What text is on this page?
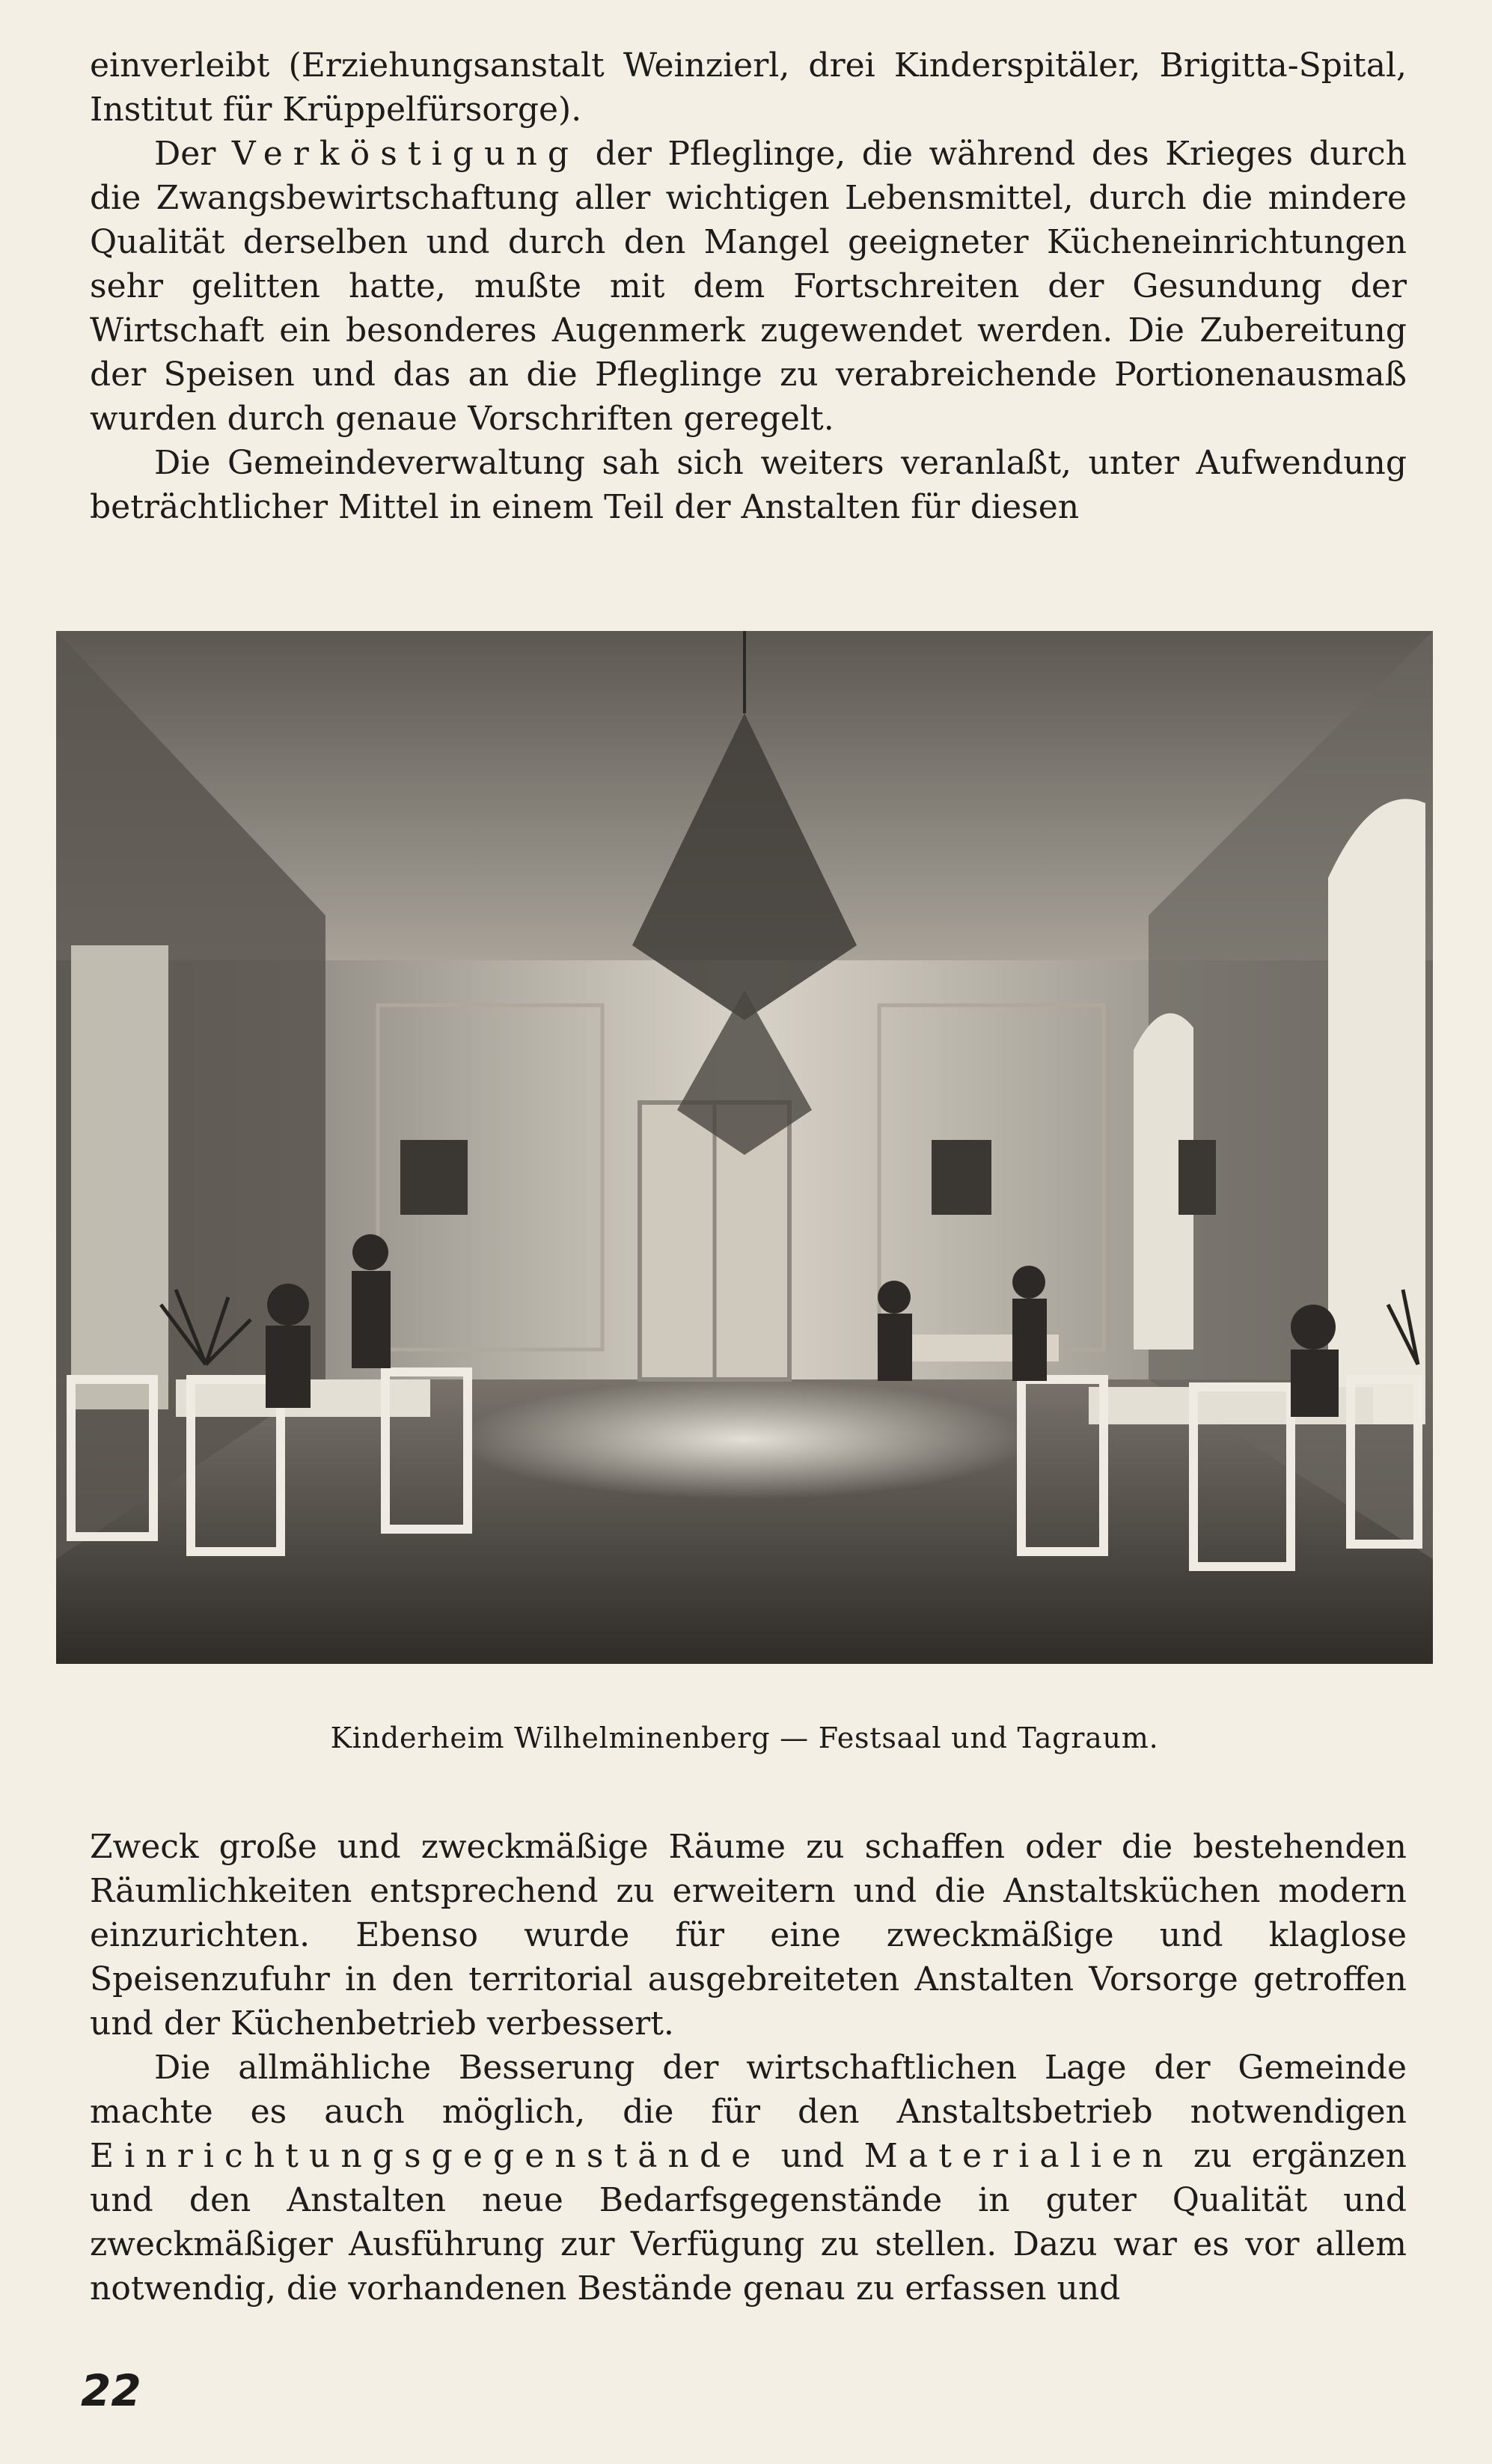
einverleibt (Erziehungsanstalt Weinzierl, drei Kinderspitäler, Brigitta-Spital, Institut für Krüppelfürsorge).

Der Verköstigung der Pfleglinge, die während des Krieges durch die Zwangsbewirtschaftung aller wichtigen Lebensmittel, durch die mindere Qualität derselben und durch den Mangel geeigneter Kücheneinrichtungen sehr gelitten hatte, mußte mit dem Fortschreiten der Gesundung der Wirtschaft ein besonderes Augenmerk zugewendet werden. Die Zubereitung der Speisen und das an die Pfleglinge zu verabreichende Portionenausmaß wurden durch genaue Vorschriften geregelt.

Die Gemeindeverwaltung sah sich weiters veranlaßt, unter Aufwendung beträchtlicher Mittel in einem Teil der Anstalten für diesen

Kinderheim Wilhelminenberg — Festsaal und Tagraum.

Zweck große und zweckmäßige Räume zu schaffen oder die bestehenden Räumlichkeiten entsprechend zu erweitern und die Anstaltsküchen modern einzurichten. Ebenso wurde für eine zweckmäßige und klaglose Speisenzufuhr in den territorial ausgebreiteten Anstalten Vorsorge getroffen und der Küchenbetrieb verbessert.

Die allmähliche Besserung der wirtschaftlichen Lage der Gemeinde machte es auch möglich, die für den Anstaltsbetrieb notwendigen Einrichtungsgegenstände und Materialien zu ergänzen und den Anstalten neue Bedarfsgegenstände in guter Qualität und zweckmäßiger Ausführung zur Verfügung zu stellen. Dazu war es vor allem notwendig, die vorhandenen Bestände genau zu erfassen und

22
